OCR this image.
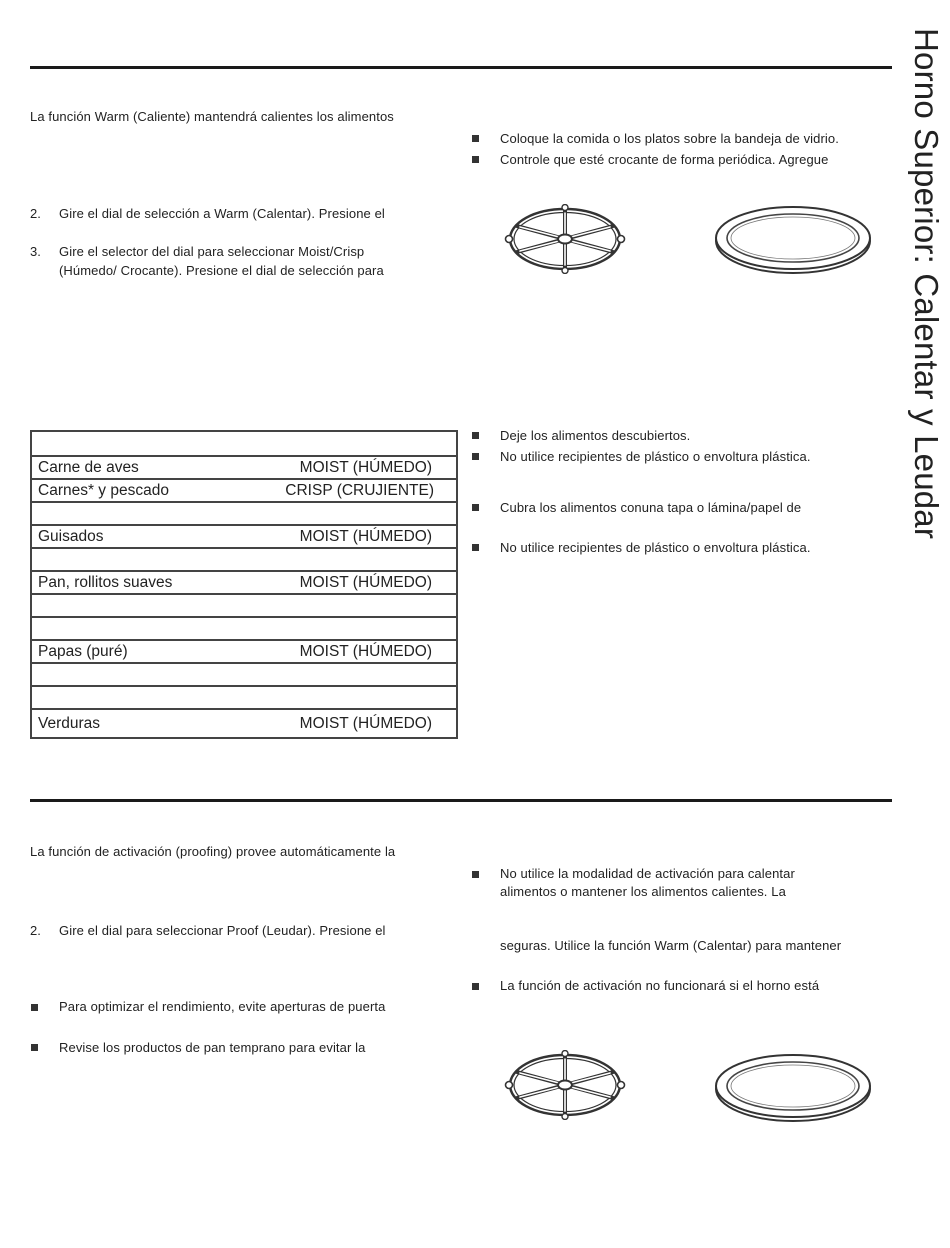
Horno Superior: Calentar y Leudar
La función Warm (Caliente) mantendrá calientes los alimentos
2. Gire el dial de selección a Warm (Calentar). Presione el
3. Gire el selector del dial para seleccionar Moist/Crisp
(Húmedo/ Crocante). Presione el dial de selección para
Coloque la comida o los platos sobre la bandeja de vidrio.
Controle que esté crocante de forma periódica. Agregue

Carne de aves	MOIST (HÚMEDO)
Carnes* y pescado	CRISP (CRUJIENTE)

Guisados	MOIST (HÚMEDO)

Pan, rollitos suaves	MOIST (HÚMEDO)

Papas (puré)	MOIST (HÚMEDO)

Verduras	MOIST (HÚMEDO)
Deje los alimentos descubiertos.
No utilice recipientes de plástico o envoltura plástica.
Cubra los alimentos conuna tapa o lámina/papel de
No utilice recipientes de plástico o envoltura plástica.
La función de activación (proofing) provee automáticamente la
2. Gire el dial para seleccionar Proof (Leudar). Presione el
Para optimizar el rendimiento, evite aperturas de puerta
Revise los productos de pan temprano para evitar la
No utilice la modalidad de activación para calentar
alimentos o mantener los alimentos calientes. La
seguras. Utilice la función Warm (Calentar) para mantener
La función de activación no funcionará si el horno está
